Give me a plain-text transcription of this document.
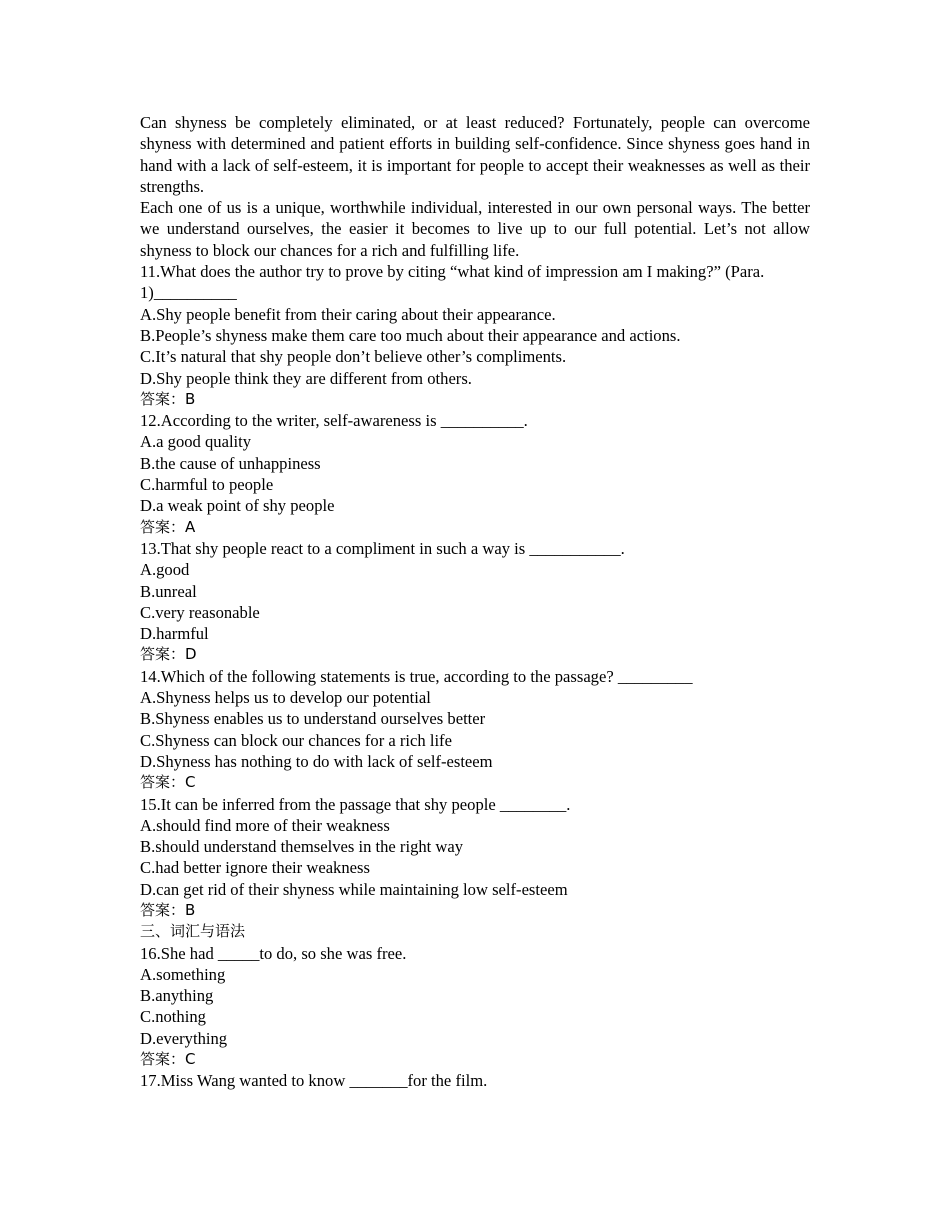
Can shyness be completely eliminated, or at least reduced? Fortunately, people can overcome shyness with determined and patient efforts in building self-confidence. Since shyness goes hand in hand with a lack of self-esteem, it is important for people to accept their weaknesses as well as their strengths.

Each one of us is a unique, worthwhile individual, interested in our own personal ways. The better we understand ourselves, the easier it becomes to live up to our full potential. Let’s not allow shyness to block our chances for a rich and fulfilling life.

11.What does the author try to prove by citing “what kind of impression am I making?” (Para. 1)__________

A.Shy people benefit from their caring about their appearance.

B.People’s shyness make them care too much about their appearance and actions.

C.It’s natural that shy people don’t believe other’s compliments.

D.Shy people think they are different from others.

答案：B

12.According to the writer, self-awareness is __________.

A.a good quality

B.the cause of unhappiness

C.harmful to people

D.a weak point of shy people

答案：A

13.That shy people react to a compliment in such a way is ___________.

A.good

B.unreal

C.very reasonable

D.harmful

答案：D

14.Which of the following statements is true, according to the passage? _________

A.Shyness helps us to develop our potential

B.Shyness enables us to understand ourselves better

C.Shyness can block our chances for a rich life

D.Shyness has nothing to do with lack of self-esteem

答案：C

15.It can be inferred from the passage that shy people ________.

A.should find more of their weakness

B.should understand themselves in the right way

C.had better ignore their weakness

D.can get rid of their shyness while maintaining low self-esteem

答案：B

三、词汇与语法

16.She had _____to do, so she was free.

A.something

B.anything

C.nothing

D.everything

答案：C

17.Miss Wang wanted to know _______for the film.
